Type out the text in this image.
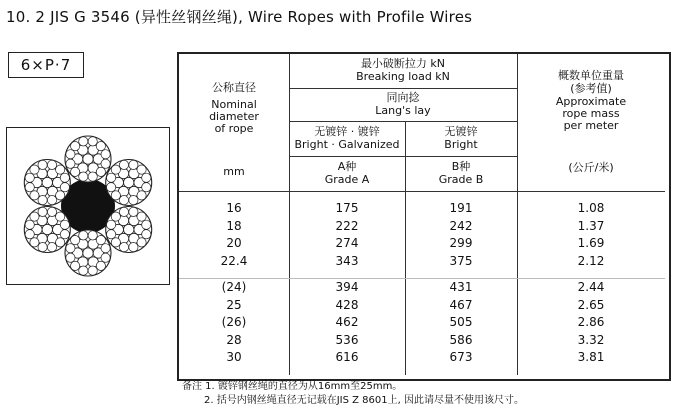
10. 2 JIS G 3546 (异性丝钢丝绳), Wire Ropes with Profile Wires
6×P·7
公称直径
Nominal
diameter
of rope
mm
最小破断拉力 kN
Breaking load kN
同向捻
Lang's lay
无镀锌 · 镀锌
Bright · Galvanized
无镀锌
Bright
A种
Grade A
B种
Grade B
概数单位重量
(参考值)
Approximate
rope mass
per meter
(公斤/米)
16
18
20
22.4
(24)
25
(26)
28
30
175
222
274
343
394
428
462
536
616
191
242
299
375
431
467
505
586
673
1.08
1.37
1.69
2.12
2.44
2.65
2.86
3.32
3.81
备注 1. 镀锌钢丝绳的直径为从16mm至25mm。
2. 括号内钢丝绳直径无记载在JIS Z 8601上, 因此请尽量不使用该尺寸。
